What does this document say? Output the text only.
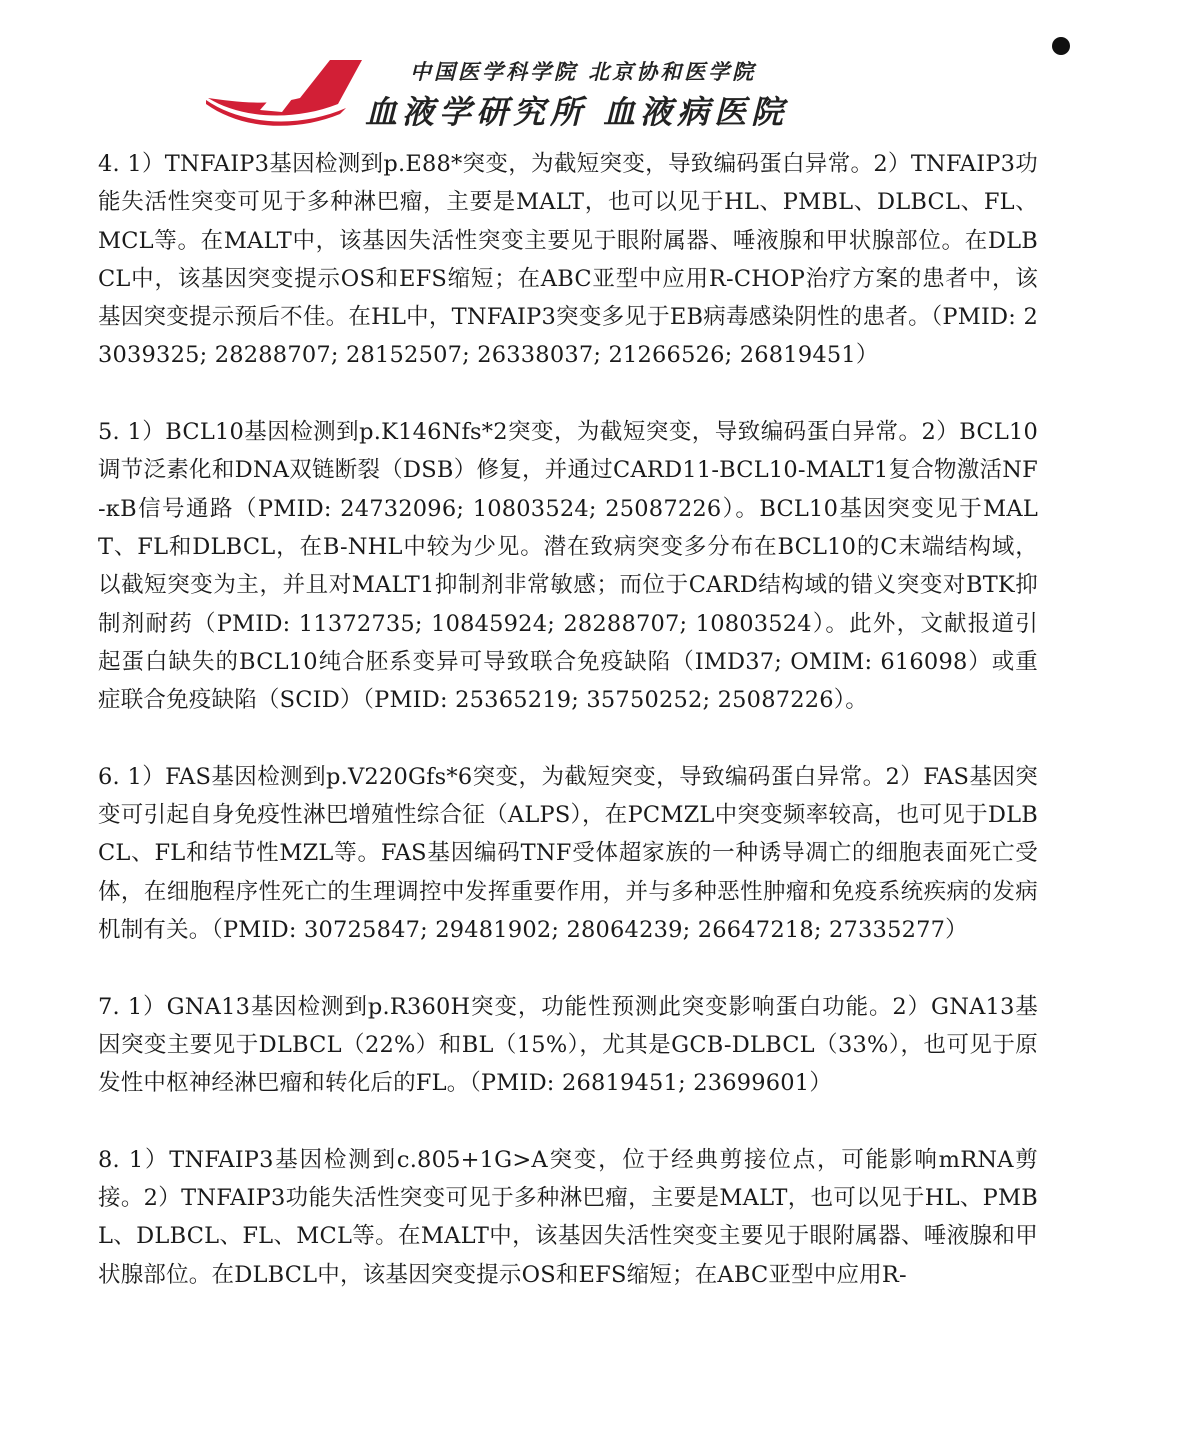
中国医学科学院 北京协和医学院
血液学研究所 血液病医院

4. 1）TNFAIP3基因检测到p.E88*突变，为截短突变，导致编码蛋白异常。2）TNFAIP3功能失活性突变可见于多种淋巴瘤，主要是MALT，也可以见于HL、PMBL、DLBCL、FL、MCL等。在MALT中，该基因失活性突变主要见于眼附属器、唾液腺和甲状腺部位。在DLBCL中，该基因突变提示OS和EFS缩短；在ABC亚型中应用R-CHOP治疗方案的患者中，该基因突变提示预后不佳。在HL中，TNFAIP3突变多见于EB病毒感染阴性的患者。（PMID: 23039325; 28288707; 28152507; 26338037; 21266526; 26819451）

5. 1）BCL10基因检测到p.K146Nfs*2突变，为截短突变，导致编码蛋白异常。2）BCL10调节泛素化和DNA双链断裂（DSB）修复，并通过CARD11-BCL10-MALT1复合物激活NF-κB信号通路（PMID: 24732096; 10803524; 25087226）。BCL10基因突变见于MALT、FL和DLBCL，在B-NHL中较为少见。潜在致病突变多分布在BCL10的C末端结构域，以截短突变为主，并且对MALT1抑制剂非常敏感；而位于CARD结构域的错义突变对BTK抑制剂耐药（PMID: 11372735; 10845924; 28288707; 10803524）。此外，文献报道引起蛋白缺失的BCL10纯合胚系变异可导致联合免疫缺陷（IMD37; OMIM: 616098）或重症联合免疫缺陷（SCID）（PMID: 25365219; 35750252; 25087226）。

6. 1）FAS基因检测到p.V220Gfs*6突变，为截短突变，导致编码蛋白异常。2）FAS基因突变可引起自身免疫性淋巴增殖性综合征（ALPS），在PCMZL中突变频率较高，也可见于DLBCL、FL和结节性MZL等。FAS基因编码TNF受体超家族的一种诱导凋亡的细胞表面死亡受体，在细胞程序性死亡的生理调控中发挥重要作用，并与多种恶性肿瘤和免疫系统疾病的发病机制有关。（PMID: 30725847; 29481902; 28064239; 26647218; 27335277）

7. 1）GNA13基因检测到p.R360H突变，功能性预测此突变影响蛋白功能。2）GNA13基因突变主要见于DLBCL（22%）和BL（15%），尤其是GCB-DLBCL（33%），也可见于原发性中枢神经淋巴瘤和转化后的FL。（PMID: 26819451; 23699601）

8. 1）TNFAIP3基因检测到c.805+1G>A突变，位于经典剪接位点，可能影响mRNA剪接。2）TNFAIP3功能失活性突变可见于多种淋巴瘤，主要是MALT，也可以见于HL、PMBL、DLBCL、FL、MCL等。在MALT中，该基因失活性突变主要见于眼附属器、唾液腺和甲状腺部位。在DLBCL中，该基因突变提示OS和EFS缩短；在ABC亚型中应用R-
